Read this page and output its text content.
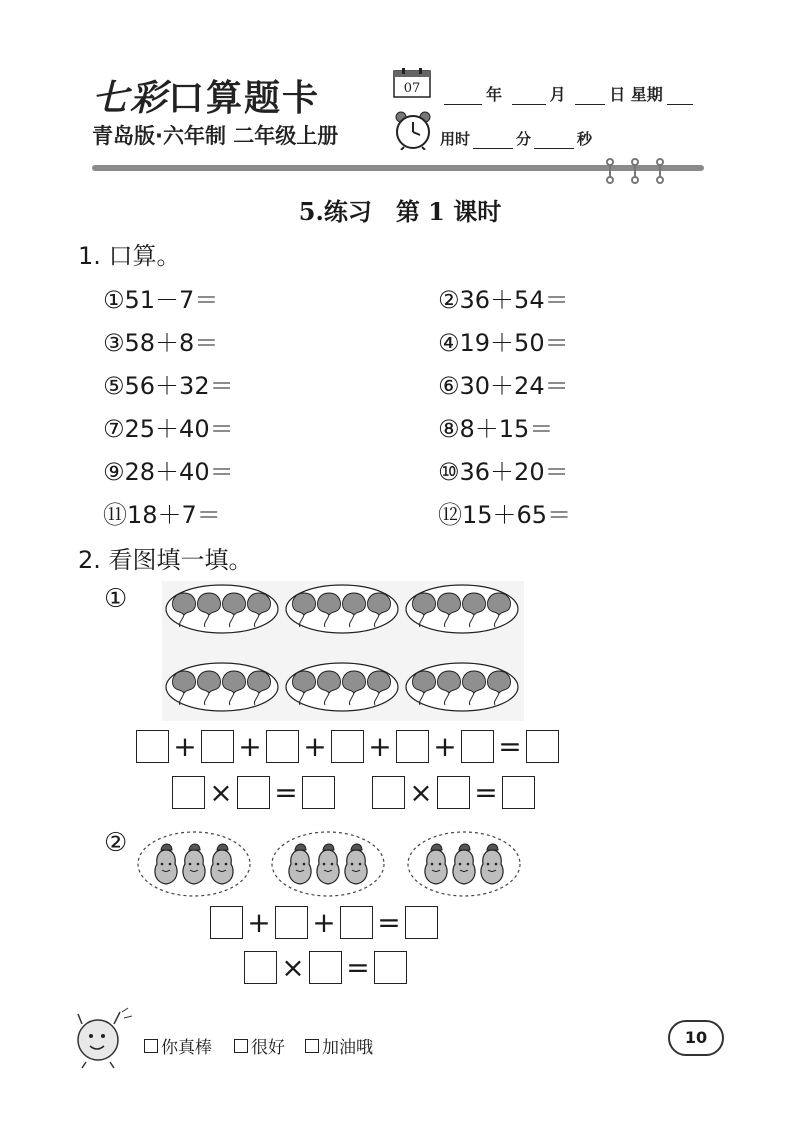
七彩口算题卡
青岛版·六年制 二年级上册
07	年	月	日 星期
用时	分	秒
5.练习　第 1 课时
1. 口算。
①51－7＝	②36＋54＝
③58＋8＝	④19＋50＝
⑤56＋32＝	⑥30＋24＝
⑦25＋40＝	⑧8＋15＝
⑨28＋40＝	⑩36＋20＝
⑪18＋7＝	⑫15＋65＝
2. 看图填一填。
①
+ + + + + =
× =	× =
②
+ + =
× =
你真棒 很好 加油哦
10
